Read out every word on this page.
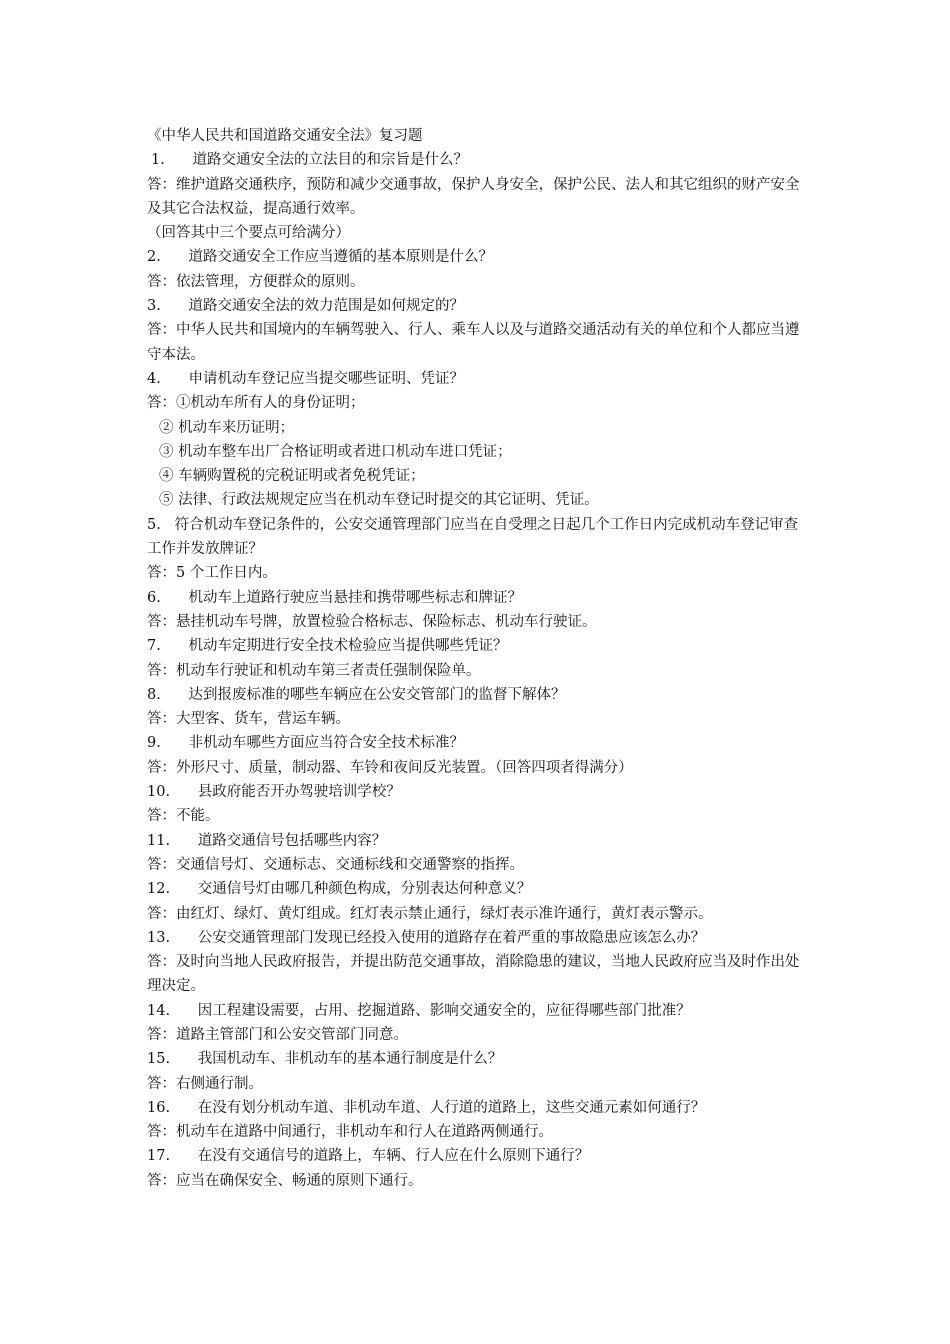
《中华人民共和国道路交通安全法》复习题
1.      道路交通安全法的立法目的和宗旨是什么？
答：维护道路交通秩序，预防和减少交通事故，保护人身安全，保护公民、法人和其它组织的财产安全及其它合法权益，提高通行效率。
（回答其中三个要点可给满分）
2.      道路交通安全工作应当遵循的基本原则是什么？
答：依法管理，方便群众的原则。
3.      道路交通安全法的效力范围是如何规定的？
答：中华人民共和国境内的车辆驾驶入、行人、乘车人以及与道路交通活动有关的单位和个人都应当遵守本法。
4.      申请机动车登记应当提交哪些证明、凭证？
答：①机动车所有人的身份证明；
② 机动车来历证明；
③ 机动车整车出厂合格证明或者进口机动车进口凭证；
④ 车辆购置税的完税证明或者免税凭证；
⑤ 法律、行政法规规定应当在机动车登记时提交的其它证明、凭证。
5.   符合机动车登记条件的，公安交通管理部门应当在自受理之日起几个工作日内完成机动车登记审查工作并发放牌证？
答：5 个工作日内。
6.      机动车上道路行驶应当悬挂和携带哪些标志和牌证？
答：悬挂机动车号牌，放置检验合格标志、保险标志、机动车行驶证。
7.      机动车定期进行安全技术检验应当提供哪些凭证？
答：机动车行驶证和机动车第三者责任强制保险单。
8.      达到报废标准的哪些车辆应在公安交管部门的监督下解体？
答：大型客、货车，营运车辆。
9.      非机动车哪些方面应当符合安全技术标准？
答：外形尺寸、质量，制动器、车铃和夜间反光装置。（回答四项者得满分）
10.      县政府能否开办驾驶培训学校？
答：不能。
11.      道路交通信号包括哪些内容？
答：交通信号灯、交通标志、交通标线和交通警察的指挥。
12.      交通信号灯由哪几种颜色构成，分别表达何种意义？
答：由红灯、绿灯、黄灯组成。红灯表示禁止通行，绿灯表示准许通行，黄灯表示警示。
13.      公安交通管理部门发现已经投入使用的道路存在着严重的事故隐患应该怎么办？
答：及时向当地人民政府报告，并提出防范交通事故，消除隐患的建议，当地人民政府应当及时作出处理决定。
14.      因工程建设需要，占用、挖掘道路、影响交通安全的，应征得哪些部门批准？
答：道路主管部门和公安交管部门同意。
15.      我国机动车、非机动车的基本通行制度是什么？
答：右侧通行制。
16.      在没有划分机动车道、非机动车道、人行道的道路上，这些交通元素如何通行？
答：机动车在道路中间通行，非机动车和行人在道路两侧通行。
17.      在没有交通信号的道路上，车辆、行人应在什么原则下通行？
答：应当在确保安全、畅通的原则下通行。
